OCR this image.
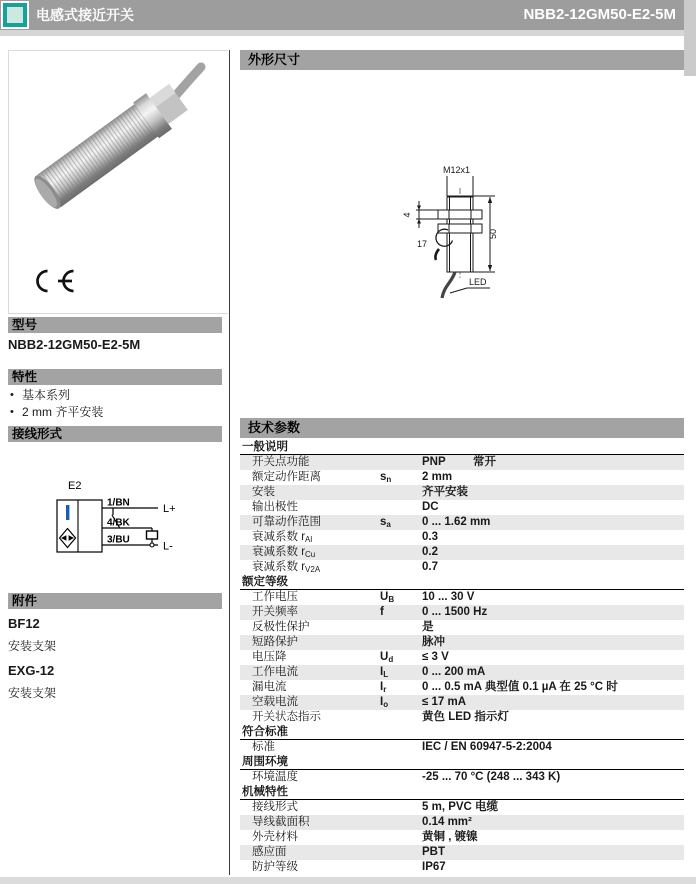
电感式接近开关	NBB2-12GM50-E2-5M
型号
NBB2-12GM50-E2-5M
特性
• 基本系列
• 2 mm 齐平安装
接线形式
E2
1/BN
4/BK
3/BU
L+
L-
附件
BF12
安装支架
EXG-12
安装支架
外形尺寸
M12x1
50
4
17
LED
技术参数
一般说明
开关点功能	PNP 常开
额定动作距离	$s_n$	2 mm
安装	齐平安装
输出极性	DC
可靠动作范围	$s_a$	0 ... 1.62 mm
衰减系数 $r_{Al}$	0.3
衰减系数 $r_{Cu}$	0.2
衰减系数 $r_{V2A}$	0.7
额定等级
工作电压	$U_B$ 10 ... 30 V
开关频率	f	0 ... 1500 Hz
反极性保护	是
短路保护	脉冲
电压降	$U_d$	≤ 3 V
工作电流	$I_L$	0 ... 200 mA
漏电流	$I_r$	0 ... 0.5 mA 典型值 0.1 µA 在 25 °C 时
空载电流	$I_o$	≤ 17 mA
开关状态指示	黄色 LED 指示灯
符合标准
标准	IEC / EN 60947-5-2:2004
周围环境
环境温度	-25 ... 70 °C (248 ... 343 K)
机械特性
接线形式	5 m, PVC 电缆
导线截面积	0.14 mm²
外壳材料	黄铜 , 镀镍
感应面	PBT
防护等级	IP67
